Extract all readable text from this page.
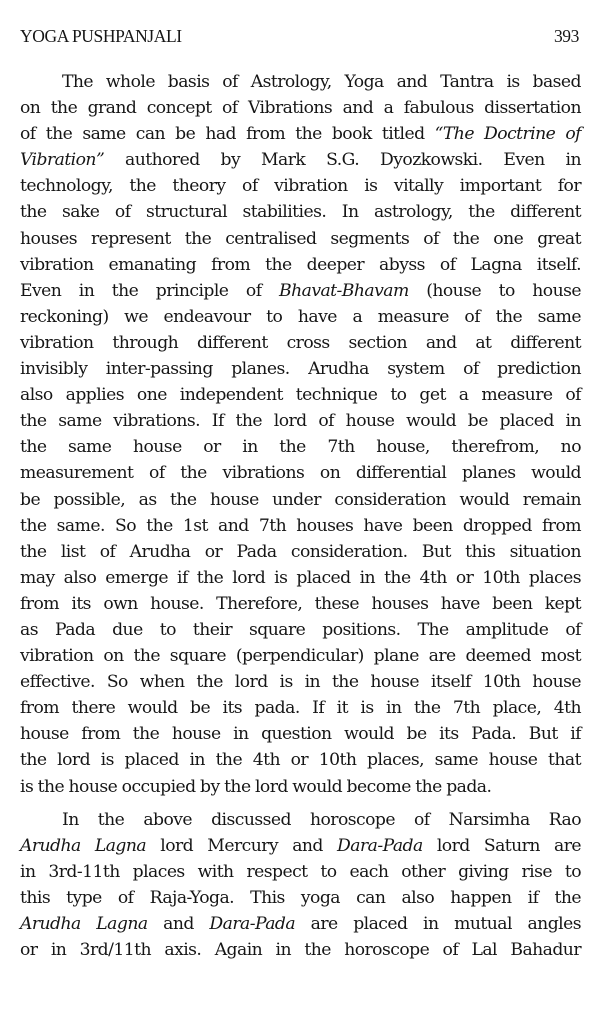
YOGA PUSHPANJALI	393

The whole basis of Astrology, Yoga and Tantra is based
on the grand concept of Vibrations and a fabulous dissertation
of the same can be had from the book titled “The Doctrine of
Vibration” authored by Mark S.G. Dyozkowski. Even in
technology, the theory of vibration is vitally important for
the sake of structural stabilities. In astrology, the different
houses represent the centralised segments of the one great
vibration emanating from the deeper abyss of Lagna itself.
Even in the principle of Bhavat-Bhavam (house to house
reckoning) we endeavour to have a measure of the same
vibration through different cross section and at different
invisibly inter-passing planes. Arudha system of prediction
also applies one independent technique to get a measure of
the same vibrations. If the lord of house would be placed in
the same house or in the 7th house, therefrom, no
measurement of the vibrations on differential planes would
be possible, as the house under consideration would remain
the same. So the 1st and 7th houses have been dropped from
the list of Arudha or Pada consideration. But this situation
may also emerge if the lord is placed in the 4th or 10th places
from its own house. Therefore, these houses have been kept
as Pada due to their square positions. The amplitude of
vibration on the square (perpendicular) plane are deemed most
effective. So when the lord is in the house itself 10th house
from there would be its pada. If it is in the 7th place, 4th
house from the house in question would be its Pada. But if
the lord is placed in the 4th or 10th places, same house that
is the house occupied by the lord would become the pada.

In the above discussed horoscope of Narsimha Rao
Arudha Lagna lord Mercury and Dara-Pada lord Saturn are
in 3rd-11th places with respect to each other giving rise to
this type of Raja-Yoga. This yoga can also happen if the
Arudha Lagna and Dara-Pada are placed in mutual angles
or in 3rd/11th axis. Again in the horoscope of Lal Bahadur
